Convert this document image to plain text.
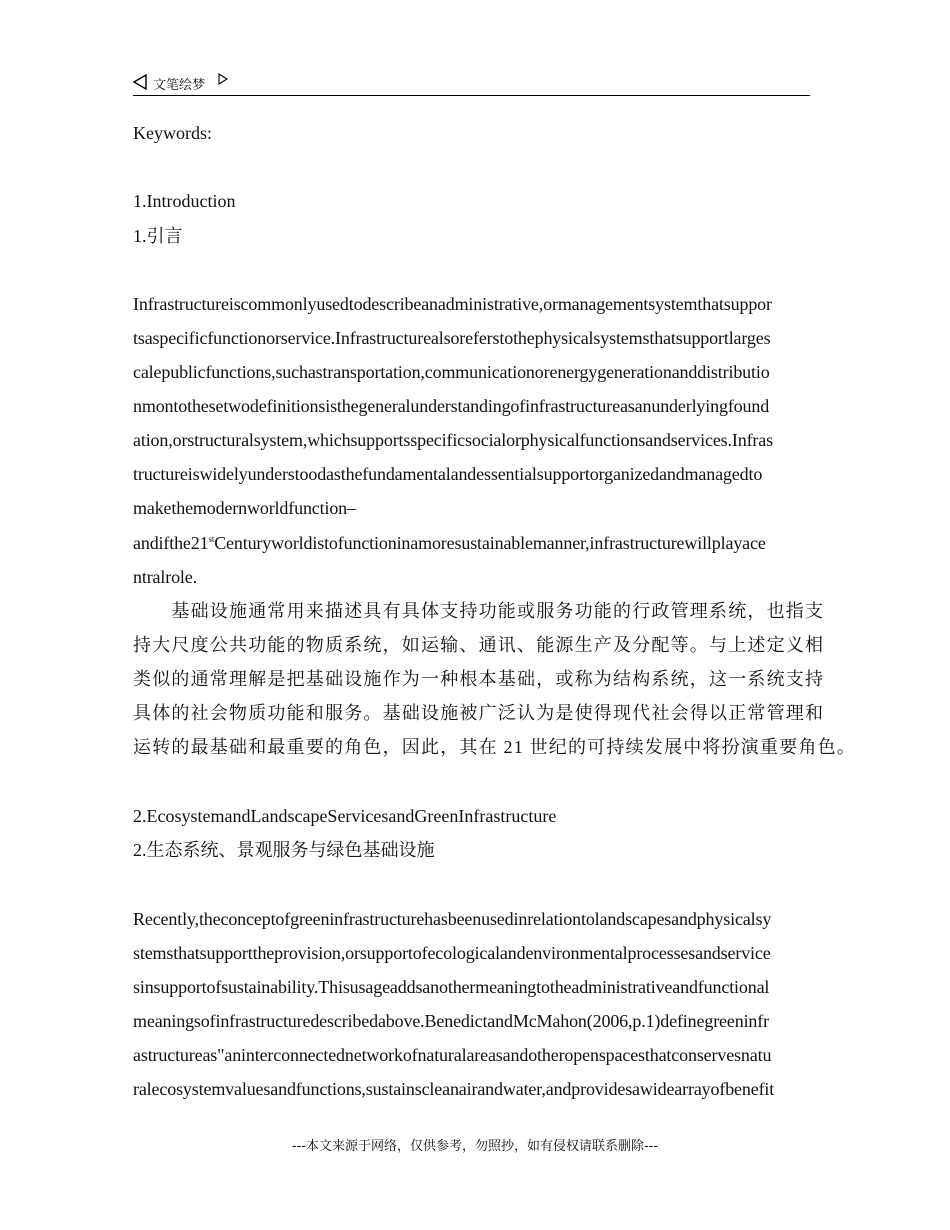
文笔绘梦
Keywords:
1.Introduction
1.引言
Infrastructureiscommonlyusedtodescribeanadministrative,ormanagementsystemthatsuppor
tsaspecificfunctionorservice.Infrastructurealsoreferstothephysicalsystemsthatsupportlarges
calepublicfunctions,suchastransportation,communicationorenergygenerationanddistributio
nmontothesetwodefinitionsisthegeneralunderstandingofinfrastructureasanunderlyingfound
ation,orstructuralsystem,whichsupportsspecificsocialorphysicalfunctionsandservices.Infras
tructureiswidelyunderstoodasthefundamentalandessentialsupportorganizedandmanagedto
makethemodernworldfunction–
andifthe21stCenturyworldistofunctioninamoresustainablemanner,infrastructurewillplayace
ntralrole.
　　基础设施通常用来描述具有具体支持功能或服务功能的行政管理系统，也指支
持大尺度公共功能的物质系统，如运输、通讯、能源生产及分配等。与上述定义相
类似的通常理解是把基础设施作为一种根本基础，或称为结构系统，这一系统支持
具体的社会物质功能和服务。基础设施被广泛认为是使得现代社会得以正常管理和
运转的最基础和最重要的角色，因此，其在 21 世纪的可持续发展中将扮演重要角色。
2.EcosystemandLandscapeServicesandGreenInfrastructure
2.生态系统、景观服务与绿色基础设施
Recently,theconceptofgreeninfrastructurehasbeenusedinrelationtolandscapesandphysicalsy
stemsthatsupporttheprovision,orsupportofecologicalandenvironmentalprocessesandservice
sinsupportofsustainability.Thisusageaddsanothermeaningtotheadministrativeandfunctional
meaningsofinfrastructuredescribedabove.BenedictandMcMahon(2006,p.1)definegreeninfr
astructureas"aninterconnectednetworkofnaturalareasandotheropenspacesthatconservesnatu
ralecosystemvaluesandfunctions,sustainscleanairandwater,andprovidesawidearrayofbenefit
---本文来源于网络，仅供参考，勿照抄，如有侵权请联系删除---
